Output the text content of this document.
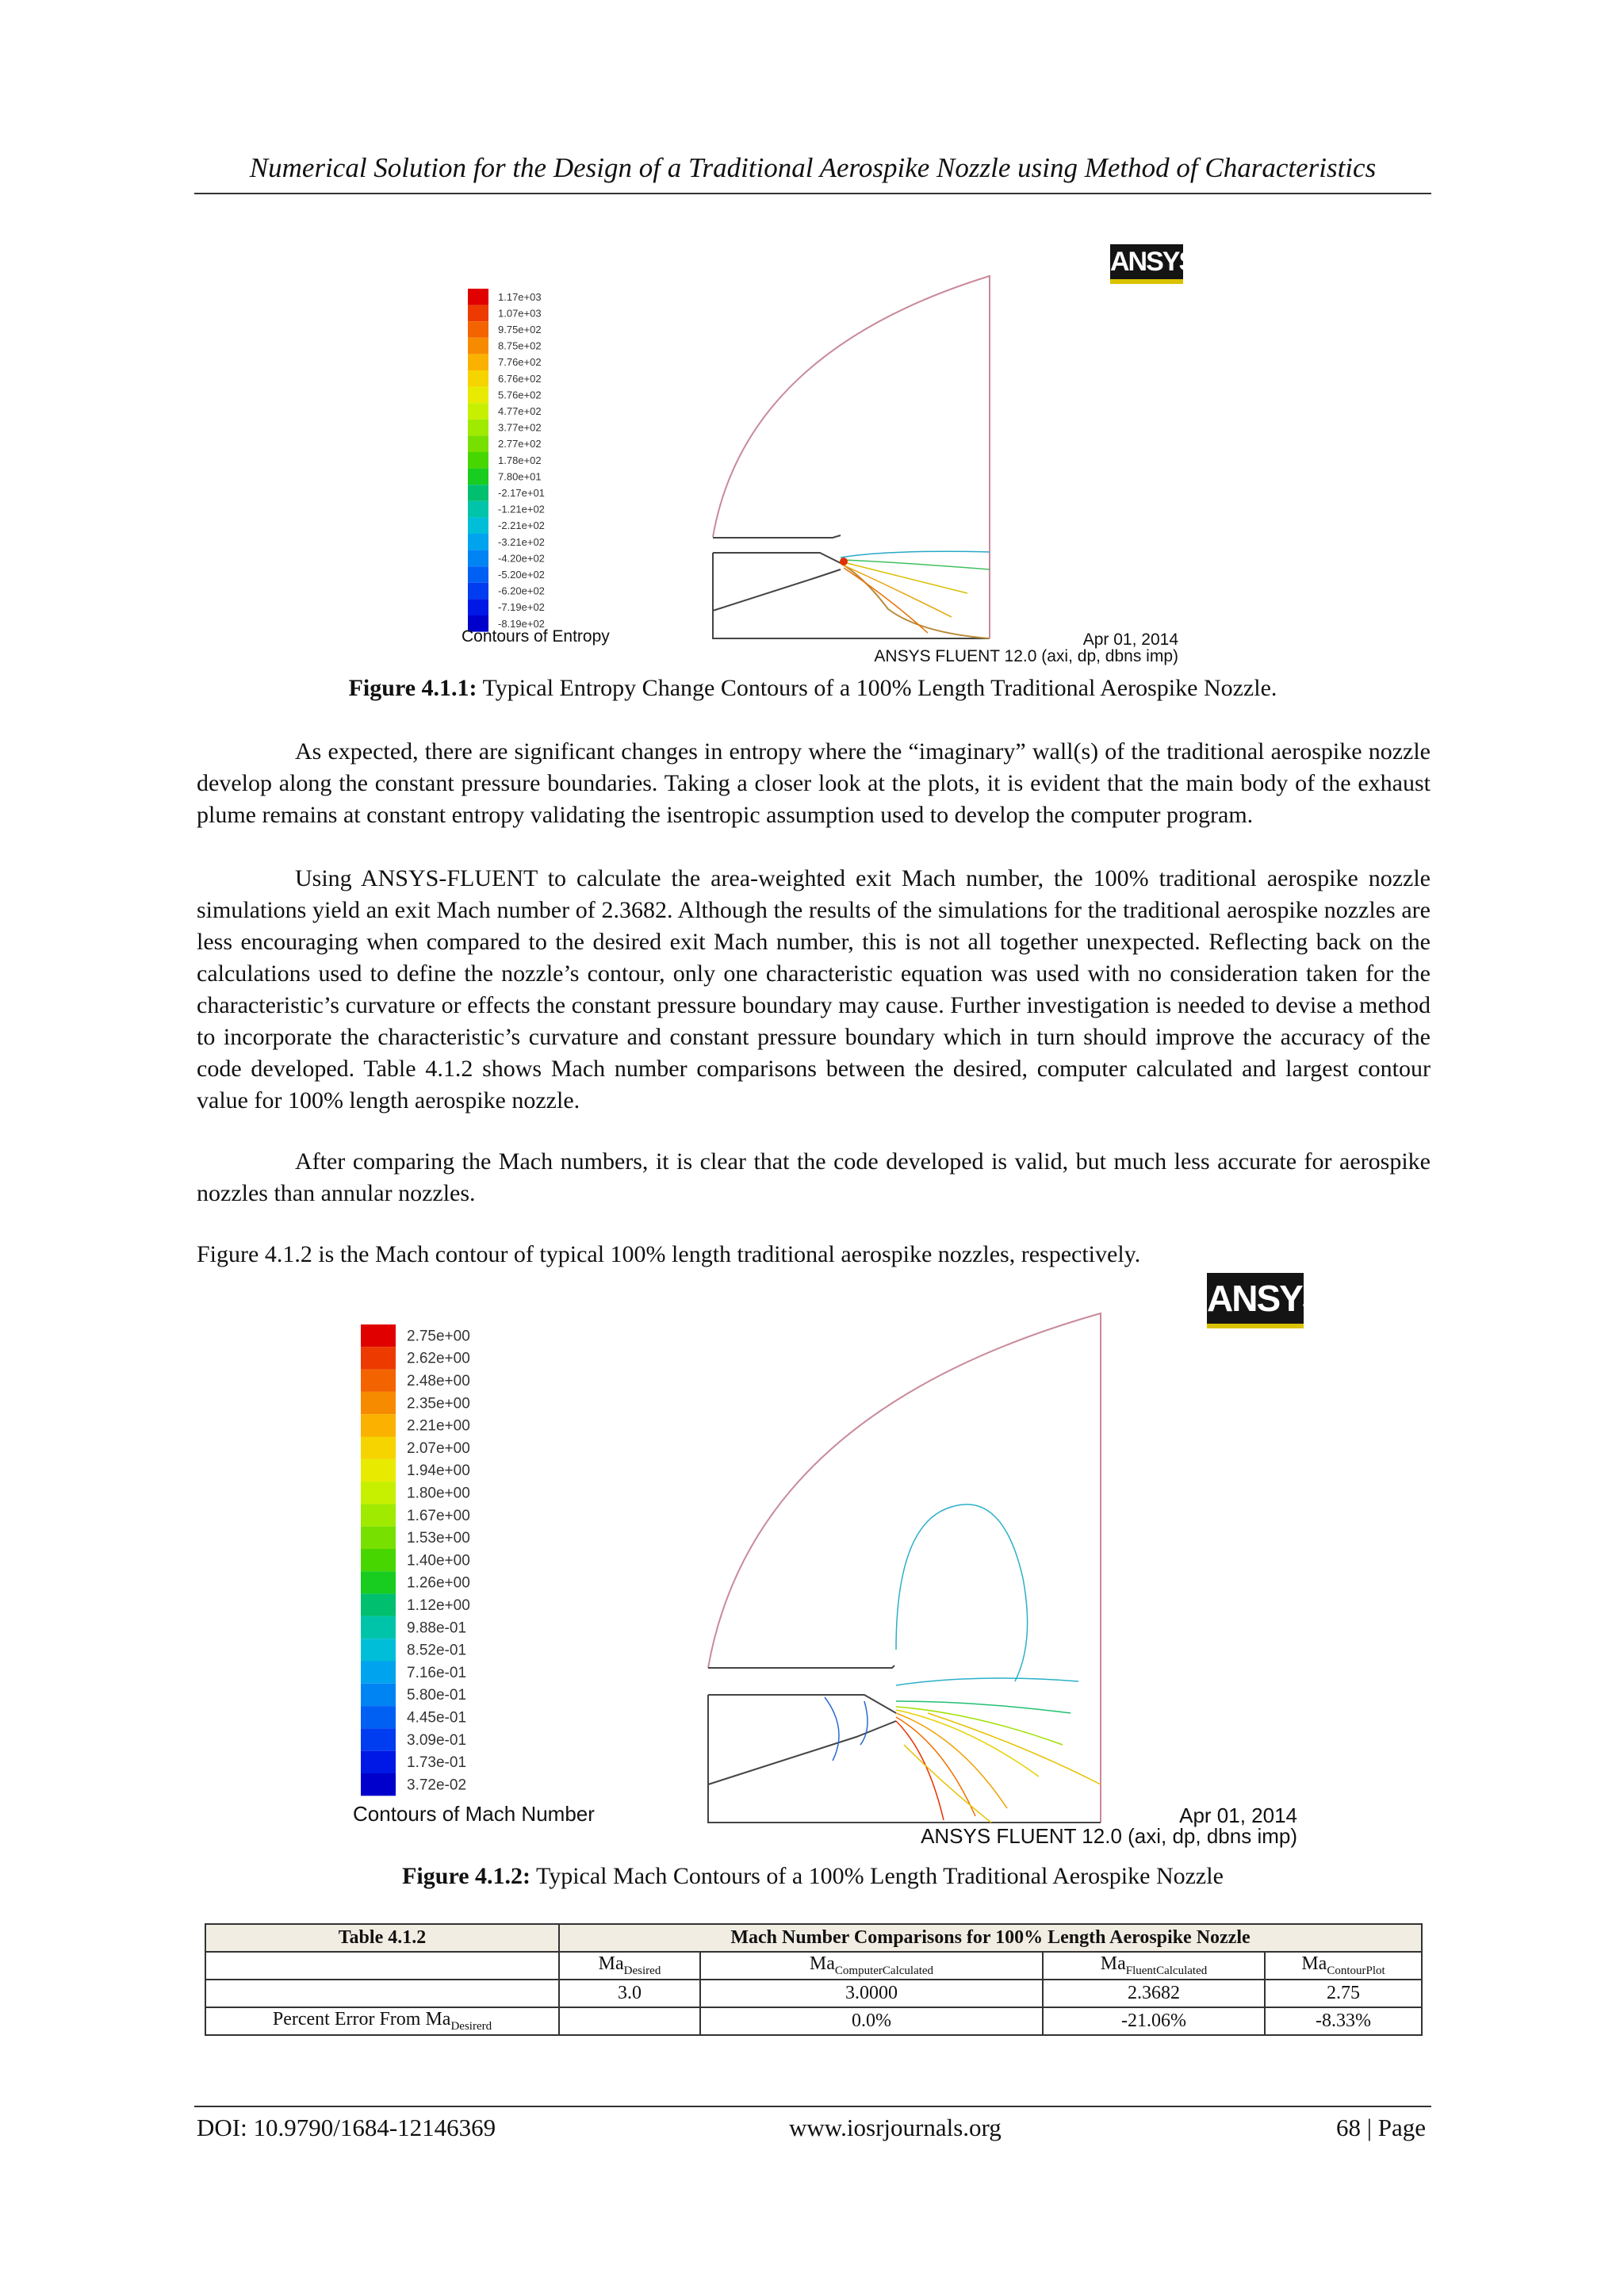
Numerical Solution for the Design of a Traditional Aerospike Nozzle using Method of Characteristics
1.17e+03
1.07e+03
9.75e+02
8.75e+02
7.76e+02
6.76e+02
5.76e+02
4.77e+02
3.77e+02
2.77e+02
1.78e+02
7.80e+01
-2.17e+01
-1.21e+02
-2.21e+02
-3.21e+02
-4.20e+02
-5.20e+02
-6.20e+02
-7.19e+02
-8.19e+02
ANSYS
Contours of Entropy	Apr 01, 2014
ANSYS FLUENT 12.0 (axi, dp, dbns imp)
Figure 4.1.1: Typical Entropy Change Contours of a 100% Length Traditional Aerospike Nozzle.

As expected, there are significant changes in entropy where the “imaginary” wall(s) of the traditional aerospike nozzle develop along the constant pressure boundaries. Taking a closer look at the plots, it is evident that the main body of the exhaust plume remains at constant entropy validating the isentropic assumption used to develop the computer program.

Using ANSYS-FLUENT to calculate the area-weighted exit Mach number, the 100% traditional aerospike nozzle simulations yield an exit Mach number of 2.3682. Although the results of the simulations for the traditional aerospike nozzles are less encouraging when compared to the desired exit Mach number, this is not all together unexpected. Reflecting back on the calculations used to define the nozzle’s contour, only one characteristic equation was used with no consideration taken for the characteristic’s curvature or effects the constant pressure boundary may cause. Further investigation is needed to devise a method to incorporate the characteristic’s curvature and constant pressure boundary which in turn should improve the accuracy of the code developed. Table 4.1.2 shows Mach number comparisons between the desired, computer calculated and largest contour value for 100% length aerospike nozzle.

After comparing the Mach numbers, it is clear that the code developed is valid, but much less accurate for aerospike nozzles than annular nozzles.

Figure 4.1.2 is the Mach contour of typical 100% length traditional aerospike nozzles, respectively.

2.75e+00
2.62e+00
2.48e+00
2.35e+00
2.21e+00
2.07e+00
1.94e+00
1.80e+00
1.67e+00
1.53e+00
1.40e+00
1.26e+00
1.12e+00
9.88e-01
8.52e-01
7.16e-01
5.80e-01
4.45e-01
3.09e-01
1.73e-01
3.72e-02
ANSYS
Contours of Mach Number	Apr 01, 2014
ANSYS FLUENT 12.0 (axi, dp, dbns imp)
Figure 4.1.2: Typical Mach Contours of a 100% Length Traditional Aerospike Nozzle
Table 4.1.2	Mach Number Comparisons for 100% Length Aerospike Nozzle			
	$Ma_{Desired}$	$Ma_{ComputerCalculated}$	$Ma_{FluentCalculated}$	$Ma_{ContourPlot}$
	3.0	3.0000	2.3682	2.75
Percent Error From $Ma_{Desirerd}$		0.0%	-21.06%	-8.33%
DOI: 10.9790/1684-12146369	www.iosrjournals.org	68 | Page
